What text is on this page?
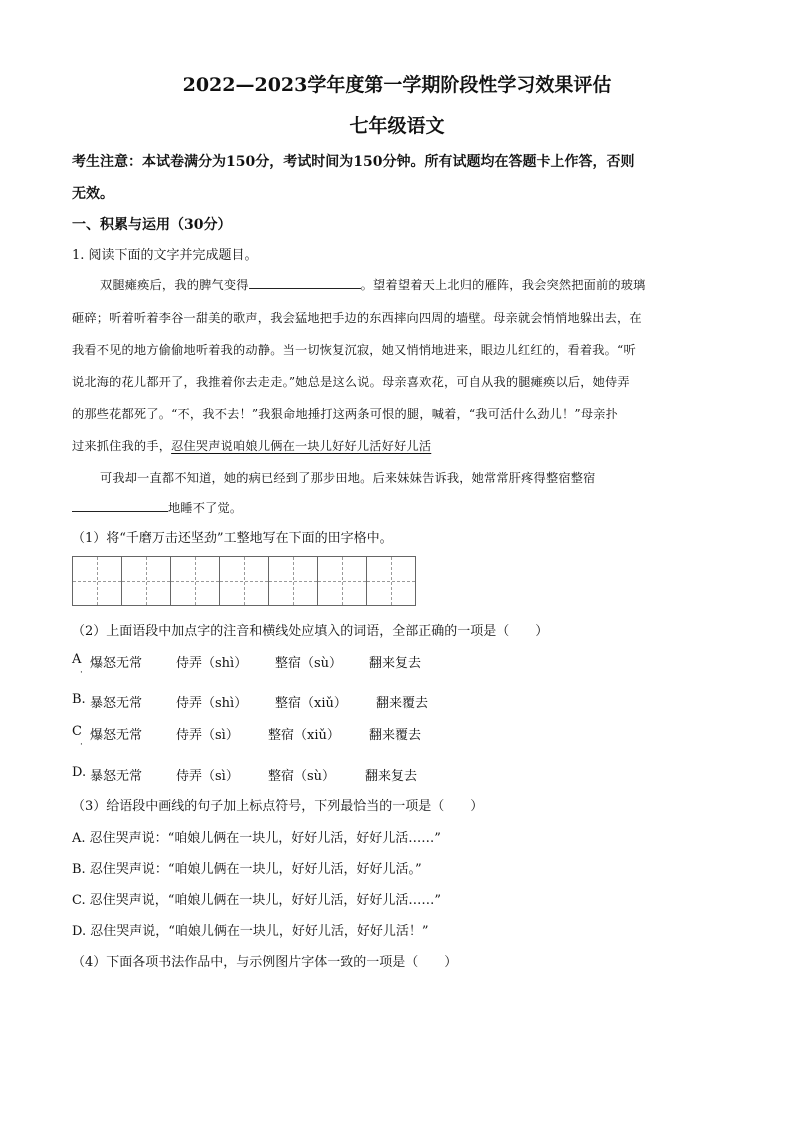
2022—2023学年度第一学期阶段性学习效果评估
七年级语文
考生注意：本试卷满分为150分，考试时间为150分钟。所有试题均在答题卡上作答，否则
无效。
一、积累与运用（30分）
1. 阅读下面的文字并完成题目。
双腿瘫痪后，我的脾气变得	。望着望着天上北归的雁阵，我会突然把面前的玻璃
砸碎；听着听着李谷一甜美的歌声，我会猛地把手边的东西摔向四周的墙壁。母亲就会悄悄地躲出去，在
我看不见的地方偷偷地听着我的动静。当一切恢复沉寂，她又悄悄地进来，眼边儿红红的，看着我。“听
说北海的花儿都开了，我推着你去走走。”她总是这么说。母亲喜欢花，可自从我的腿瘫痪以后，她侍弄
的那些花都死了。“不，我不去！”我狠命地捶打这两条可恨的腿，喊着，“我可活什么劲儿！”母亲扑
过来抓住我的手，忍住哭声说咱娘儿俩在一块儿好好儿活好好儿活
可我却一直都不知道，她的病已经到了那步田地。后来妹妹告诉我，她常常肝疼得整宿整宿
地睡不了觉。
（1）将“千磨万击还坚劲”工整地写在下面的田字格中。
（2）上面语段中加点字的注音和横线处应填入的词语，全部正确的一项是（　　）
A 爆怒无常	侍弄（shì） 整宿（sù） 翻来复去
·
B. 暴怒无常	侍弄（shì） 整宿（xiǔ） 翻来覆去
C 爆怒无常	侍弄（sì） 整宿（xiǔ） 翻来覆去
·
D. 暴怒无常	侍弄（sì） 整宿（sù） 翻来复去
（3）给语段中画线的句子加上标点符号，下列最恰当的一项是（　　）
A. 忍住哭声说：“咱娘儿俩在一块儿，好好儿活，好好儿活……”
B. 忍住哭声说：“咱娘儿俩在一块儿，好好儿活，好好儿活。”
C. 忍住哭声说，“咱娘儿俩在一块儿，好好儿活，好好儿活……”
D. 忍住哭声说，“咱娘儿俩在一块儿，好好儿活，好好儿活！”
（4）下面各项书法作品中，与示例图片字体一致的一项是（　　）
